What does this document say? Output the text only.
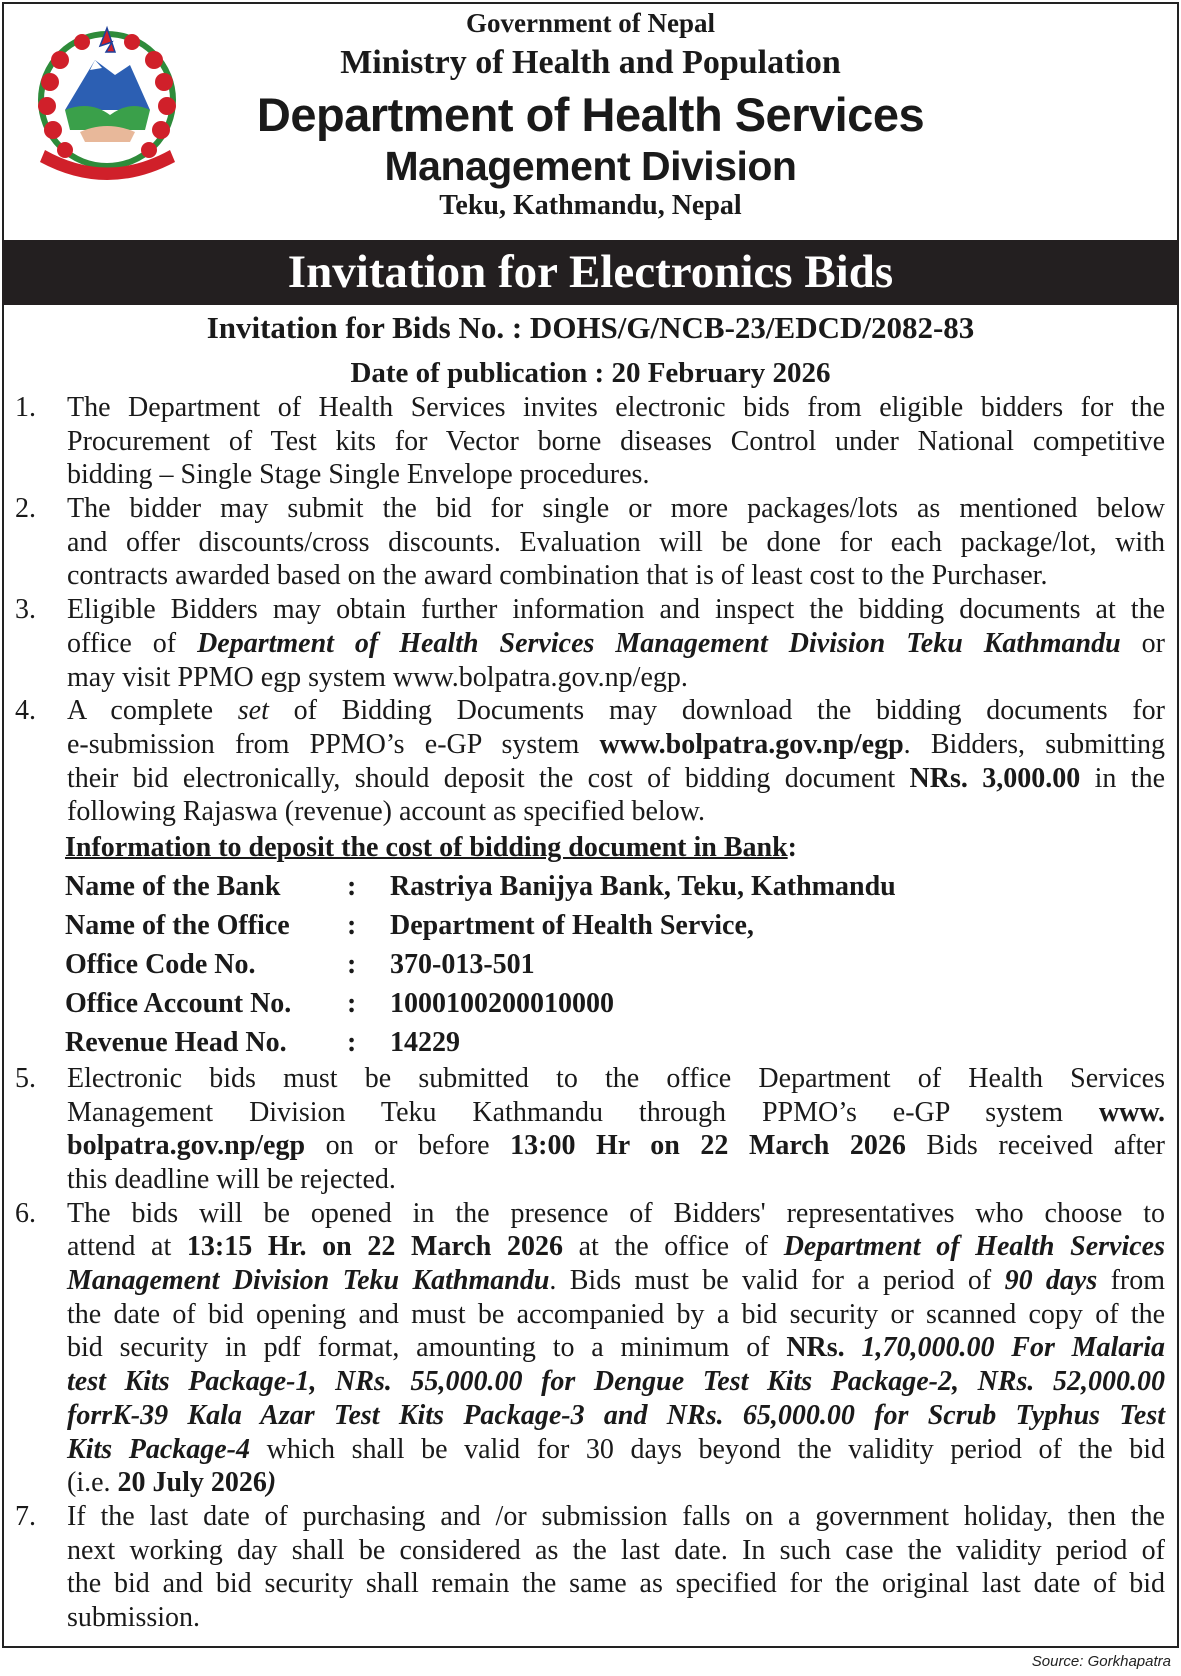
Government of Nepal
Ministry of Health and Population
Department of Health Services
Management Division
Teku, Kathmandu, Nepal
Invitation for Electronics Bids
Invitation for Bids No. : DOHS/G/NCB-23/EDCD/2082-83
Date of publication : 20 February 2026
1. The Department of Health Services invites electronic bids from eligible bidders for the
Procurement of Test kits for Vector borne diseases Control under National competitive
bidding – Single Stage Single Envelope procedures.
2. The bidder may submit the bid for single or more packages/lots as mentioned below
and offer discounts/cross discounts. Evaluation will be done for each package/lot, with
contracts awarded based on the award combination that is of least cost to the Purchaser.
3. Eligible Bidders may obtain further information and inspect the bidding documents at the
office of Department of Health Services Management Division Teku Kathmandu or
may visit PPMO egp system www.bolpatra.gov.np/egp.
4. A complete set of Bidding Documents may download the bidding documents for
e-submission from PPMO’s e-GP system www.bolpatra.gov.np/egp. Bidders, submitting
their bid electronically, should deposit the cost of bidding document NRs. 3,000.00 in the
following Rajaswa (revenue) account as specified below.
Information to deposit the cost of bidding document in Bank:
Name of the Bank : Rastriya Banijya Bank, Teku, Kathmandu
Name of the Office : Department of Health Service,
Office Code No.	: 370-013-501
Office Account No. : 1000100200010000
Revenue Head No. : 14229
5. Electronic bids must be submitted to the office Department of Health Services
Management Division Teku Kathmandu through PPMO’s e-GP system www.
bolpatra.gov.np/egp on or before 13:00 Hr on 22 March 2026 Bids received after
this deadline will be rejected.
6. The bids will be opened in the presence of Bidders' representatives who choose to
attend at 13:15 Hr. on 22 March 2026 at the office of Department of Health Services
Management Division Teku Kathmandu. Bids must be valid for a period of 90 days from
the date of bid opening and must be accompanied by a bid security or scanned copy of the
bid security in pdf format, amounting to a minimum of NRs. 1,70,000.00 For Malaria
test Kits Package-1, NRs. 55,000.00 for Dengue Test Kits Package-2, NRs. 52,000.00
forrK-39 Kala Azar Test Kits Package-3 and NRs. 65,000.00 for Scrub Typhus Test
Kits Package-4 which shall be valid for 30 days beyond the validity period of the bid
(i.e. 20 July 2026)
7. If the last date of purchasing and /or submission falls on a government holiday, then the
next working day shall be considered as the last date. In such case the validity period of
the bid and bid security shall remain the same as specified for the original last date of bid
submission.
Source: Gorkhapatra
